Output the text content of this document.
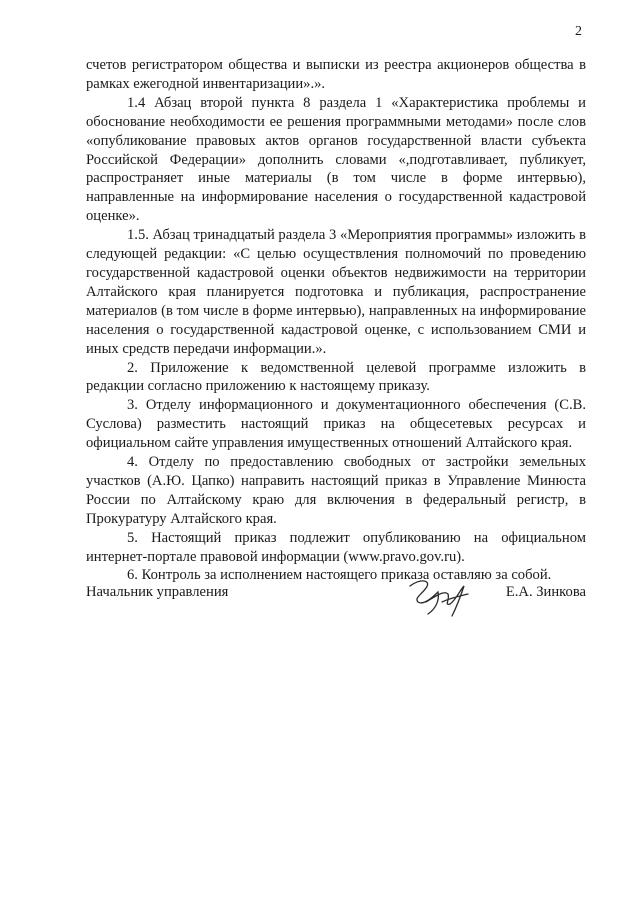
2

счетов регистратором общества и выписки из реестра акционеров общества в рамках ежегодной инвентаризации».».

1.4 Абзац второй пункта 8 раздела 1 «Характеристика проблемы и обоснование необходимости ее решения программными методами» после слов «опубликование правовых актов органов государственной власти субъекта Российской Федерации» дополнить словами «,подготавливает, публикует, распространяет иные материалы (в том числе в форме интервью), направленные на информирование населения о государственной кадастровой оценке».

1.5. Абзац тринадцатый раздела 3 «Мероприятия программы» изложить в следующей редакции: «С целью осуществления полномочий по проведению государственной кадастровой оценки объектов недвижимости на территории Алтайского края планируется подготовка и публикация, распространение материалов (в том числе в форме интервью), направленных на информирование населения о государственной кадастровой оценке, с использованием СМИ и иных средств передачи информации.».

2. Приложение к ведомственной целевой программе изложить в редакции согласно приложению к настоящему приказу.

3. Отделу информационного и документационного обеспечения (С.В. Суслова) разместить настоящий приказ на общесетевых ресурсах и официальном сайте управления имущественных отношений Алтайского края.

4. Отделу по предоставлению свободных от застройки земельных участков (А.Ю. Цапко) направить настоящий приказ в Управление Минюста России по Алтайскому краю для включения в федеральный регистр, в Прокуратуру Алтайского края.

5. Настоящий приказ подлежит опубликованию на официальном интернет-портале правовой информации (www.pravo.gov.ru).

6. Контроль за исполнением настоящего приказа оставляю за собой.

Начальник управления	Е.А. Зинкова
